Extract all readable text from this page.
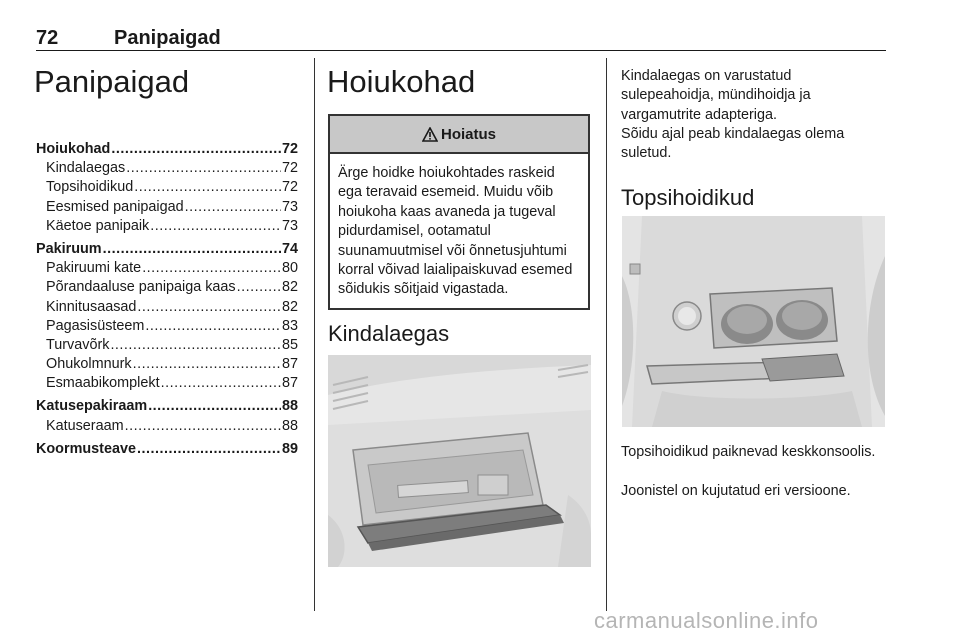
72	Panipaigad
Panipaigad
Hoiukohad .....	72
Kindalaegas .....	72
Topsihoidikud .....	72
Eesmised panipaigad .....	73
Käetoe panipaik .....	73
Pakiruum .....	74
Pakiruumi kate .....	80
Põrandaaluse panipaiga kaas .....	82
Kinnitusaasad .....	82
Pagasisüsteem .....	83
Turvavõrk .....	85
Ohukolmnurk .....	87
Esmaabikomplekt .....	87
Katusepakiraam .....	88
Katuseraam .....	88
Koormusteave .....	89
Hoiukohad
Hoiatus

Ärge hoidke hoiukohtades raskeid ega teravaid esemeid. Muidu võib hoiukoha kaas avaneda ja tugeval pidurdamisel, ootamatul suunamuutmisel või õnnetusjuhtumi korral võivad laialipaiskuvad esemed sõidukis sõitjaid vigastada.

Kindalaegas

Kindalaegas on varustatud sulepeahoidja, mündihoidja ja vargamutrite adapteriga.

Sõidu ajal peab kindalaegas olema suletud.

Topsihoidikud

Topsihoidikud paiknevad keskkonsoolis.

Joonistel on kujutatud eri versioone.

carmanualsonline.info
